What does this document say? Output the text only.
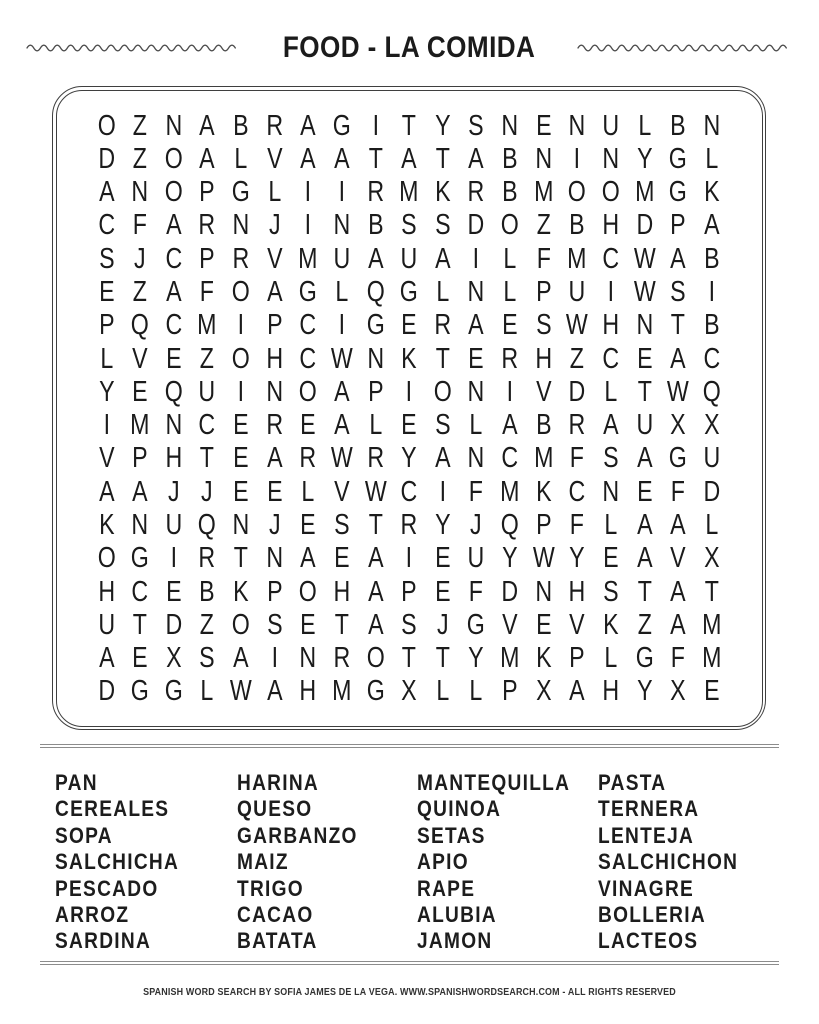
FOOD - LA COMIDA
O Z N A B R A G I T Y S N E N U L B N
D Z O A L V A A T A T A B N I N Y G L
A N O P G L I I R M K R B M O O M G K
C F A R N J I N B S S D O Z B H D P A
S J C P R V M U A U A I L F M C W A B
E Z A F O A G L Q G L N L P U I W S I
P Q C M I P C I G E R A E S W H N T B
L V E Z O H C W N K T E R H Z C E A C
Y E Q U I N O A P I O N I V D L T W Q
I M N C E R E A L E S L A B R A U X X
V P H T E A R W R Y A N C M F S A G U
A A J J E E L V W C I F M K C N E F D
K N U Q N J E S T R Y J Q P F L A A L
O G I R T N A E A I E U Y W Y E A V X
H C E B K P O H A P E F D N H S T A T
U T D Z O S E T A S J G V E V K Z A M
A E X S A I N R O T T Y M K P L G F M
D G G L W A H M G X L L P X A H Y X E
PAN
CEREALES
SOPA
SALCHICHA
PESCADO
ARROZ
SARDINA
HARINA
QUESO
GARBANZO
MAIZ
TRIGO
CACAO
BATATA
MANTEQUILLA
QUINOA
SETAS
APIO
RAPE
ALUBIA
JAMON
PASTA
TERNERA
LENTEJA
SALCHICHON
VINAGRE
BOLLERIA
LACTEOS
SPANISH WORD SEARCH BY SOFIA JAMES DE LA VEGA. WWW.SPANISHWORDSEARCH.COM - ALL RIGHTS RESERVED
